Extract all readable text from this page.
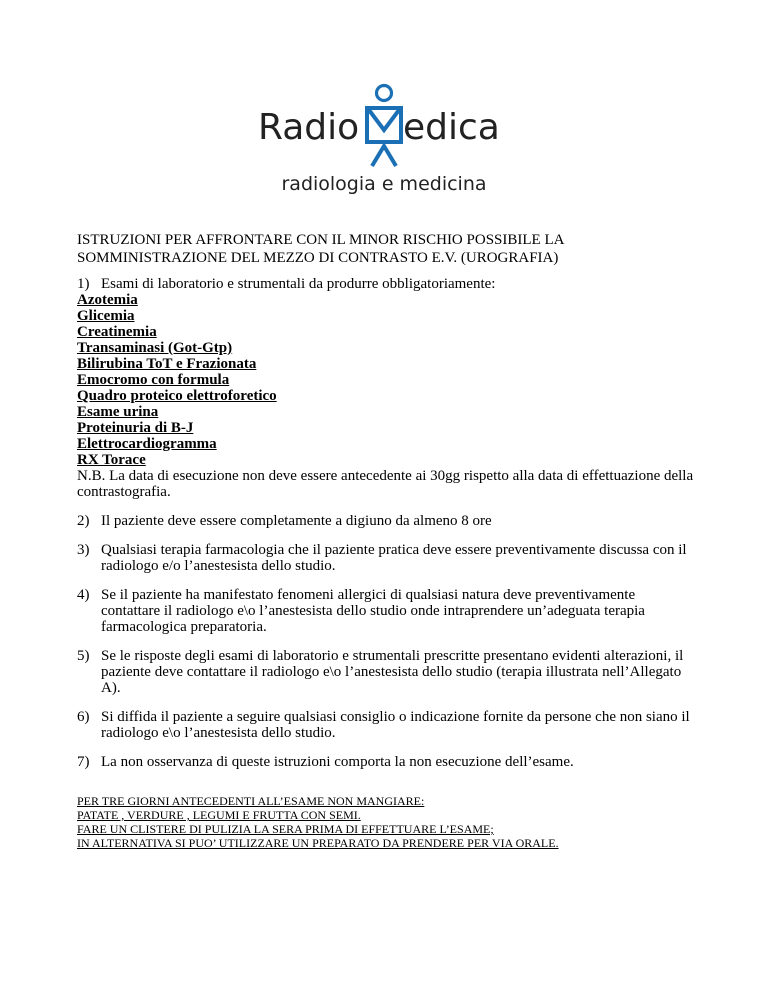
Radio edica
radiologia e medicina
ISTRUZIONI PER AFFRONTARE CON IL MINOR RISCHIO POSSIBILE LA
SOMMINISTRAZIONE DEL MEZZO DI CONTRASTO E.V. (UROGRAFIA)
1) Esami di laboratorio e strumentali da produrre obbligatoriamente:
Azotemia
Glicemia
Creatinemia
Transaminasi (Got-Gtp)
Bilirubina ToT e Frazionata
Emocromo con formula
Quadro proteico elettroforetico
Esame urina
Proteinuria di B-J
Elettrocardiogramma
RX Torace

N.B. La data di esecuzione non deve essere antecedente ai 30gg rispetto alla data di effettuazione della contrastografia.

2) Il paziente deve essere completamente a digiuno da almeno 8 ore
3) Qualsiasi terapia farmacologia che il paziente pratica deve essere preventivamente discussa con il radiologo e/o l’anestesista dello studio.
4) Se il paziente ha manifestato fenomeni allergici di qualsiasi natura deve preventivamente contattare il radiologo e\o l’anestesista dello studio onde intraprendere un’adeguata terapia farmacologica preparatoria.
5) Se le risposte degli esami di laboratorio e strumentali prescritte presentano evidenti alterazioni, il paziente deve contattare il radiologo e\o l’anestesista dello studio (terapia illustrata nell’Allegato A).
6) Si diffida il paziente a seguire qualsiasi consiglio o indicazione fornite da persone che non siano il radiologo e\o l’anestesista dello studio.
7) La non osservanza di queste istruzioni comporta la non esecuzione dell’esame.
PER TRE GIORNI ANTECEDENTI ALL’ESAME NON MANGIARE:
PATATE , VERDURE , LEGUMI E FRUTTA CON SEMI.
FARE UN CLISTERE DI PULIZIA LA SERA PRIMA DI EFFETTUARE L’ESAME;
IN ALTERNATIVA SI PUO’ UTILIZZARE UN PREPARATO DA PRENDERE PER VIA ORALE.
